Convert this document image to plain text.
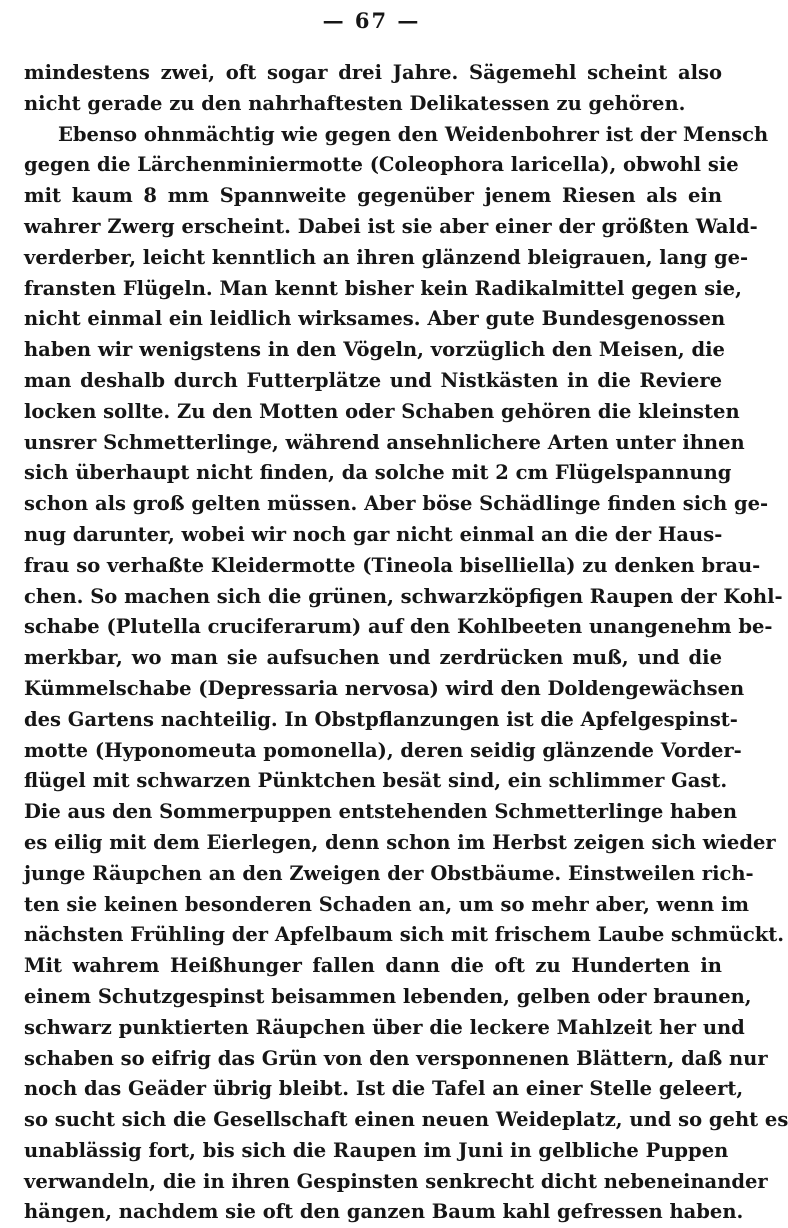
— 67 —
mindestens zwei, oft sogar drei Jahre. Sägemehl scheint also
nicht gerade zu den nahrhaftesten Delikatessen zu gehören.
Ebenso ohnmächtig wie gegen den Weidenbohrer ist der Mensch
gegen die Lärchenminiermotte (Coleophora laricella), obwohl sie
mit kaum 8 mm Spannweite gegenüber jenem Riesen als ein
wahrer Zwerg erscheint. Dabei ist sie aber einer der größten Wald-
verderber, leicht kenntlich an ihren glänzend bleigrauen, lang ge-
fransten Flügeln. Man kennt bisher kein Radikalmittel gegen sie,
nicht einmal ein leidlich wirksames. Aber gute Bundesgenossen
haben wir wenigstens in den Vögeln, vorzüglich den Meisen, die
man deshalb durch Futterplätze und Nistkästen in die Reviere
locken sollte. Zu den Motten oder Schaben gehören die kleinsten
unsrer Schmetterlinge, während ansehnlichere Arten unter ihnen
sich überhaupt nicht finden, da solche mit 2 cm Flügelspannung
schon als groß gelten müssen. Aber böse Schädlinge finden sich ge-
nug darunter, wobei wir noch gar nicht einmal an die der Haus-
frau so verhaßte Kleidermotte (Tineola biselliella) zu denken brau-
chen. So machen sich die grünen, schwarzköpfigen Raupen der Kohl-
schabe (Plutella cruciferarum) auf den Kohlbeeten unangenehm be-
merkbar, wo man sie aufsuchen und zerdrücken muß, und die
Kümmelschabe (Depressaria nervosa) wird den Doldengewächsen
des Gartens nachteilig. In Obstpflanzungen ist die Apfelgespinst-
motte (Hyponomeuta pomonella), deren seidig glänzende Vorder-
flügel mit schwarzen Pünktchen besät sind, ein schlimmer Gast.
Die aus den Sommerpuppen entstehenden Schmetterlinge haben
es eilig mit dem Eierlegen, denn schon im Herbst zeigen sich wieder
junge Räupchen an den Zweigen der Obstbäume. Einstweilen rich-
ten sie keinen besonderen Schaden an, um so mehr aber, wenn im
nächsten Frühling der Apfelbaum sich mit frischem Laube schmückt.
Mit wahrem Heißhunger fallen dann die oft zu Hunderten in
einem Schutzgespinst beisammen lebenden, gelben oder braunen,
schwarz punktierten Räupchen über die leckere Mahlzeit her und
schaben so eifrig das Grün von den versponnenen Blättern, daß nur
noch das Geäder übrig bleibt. Ist die Tafel an einer Stelle geleert,
so sucht sich die Gesellschaft einen neuen Weideplatz, und so geht es
unablässig fort, bis sich die Raupen im Juni in gelbliche Puppen
verwandeln, die in ihren Gespinsten senkrecht dicht nebeneinander
hängen, nachdem sie oft den ganzen Baum kahl gefressen haben.
